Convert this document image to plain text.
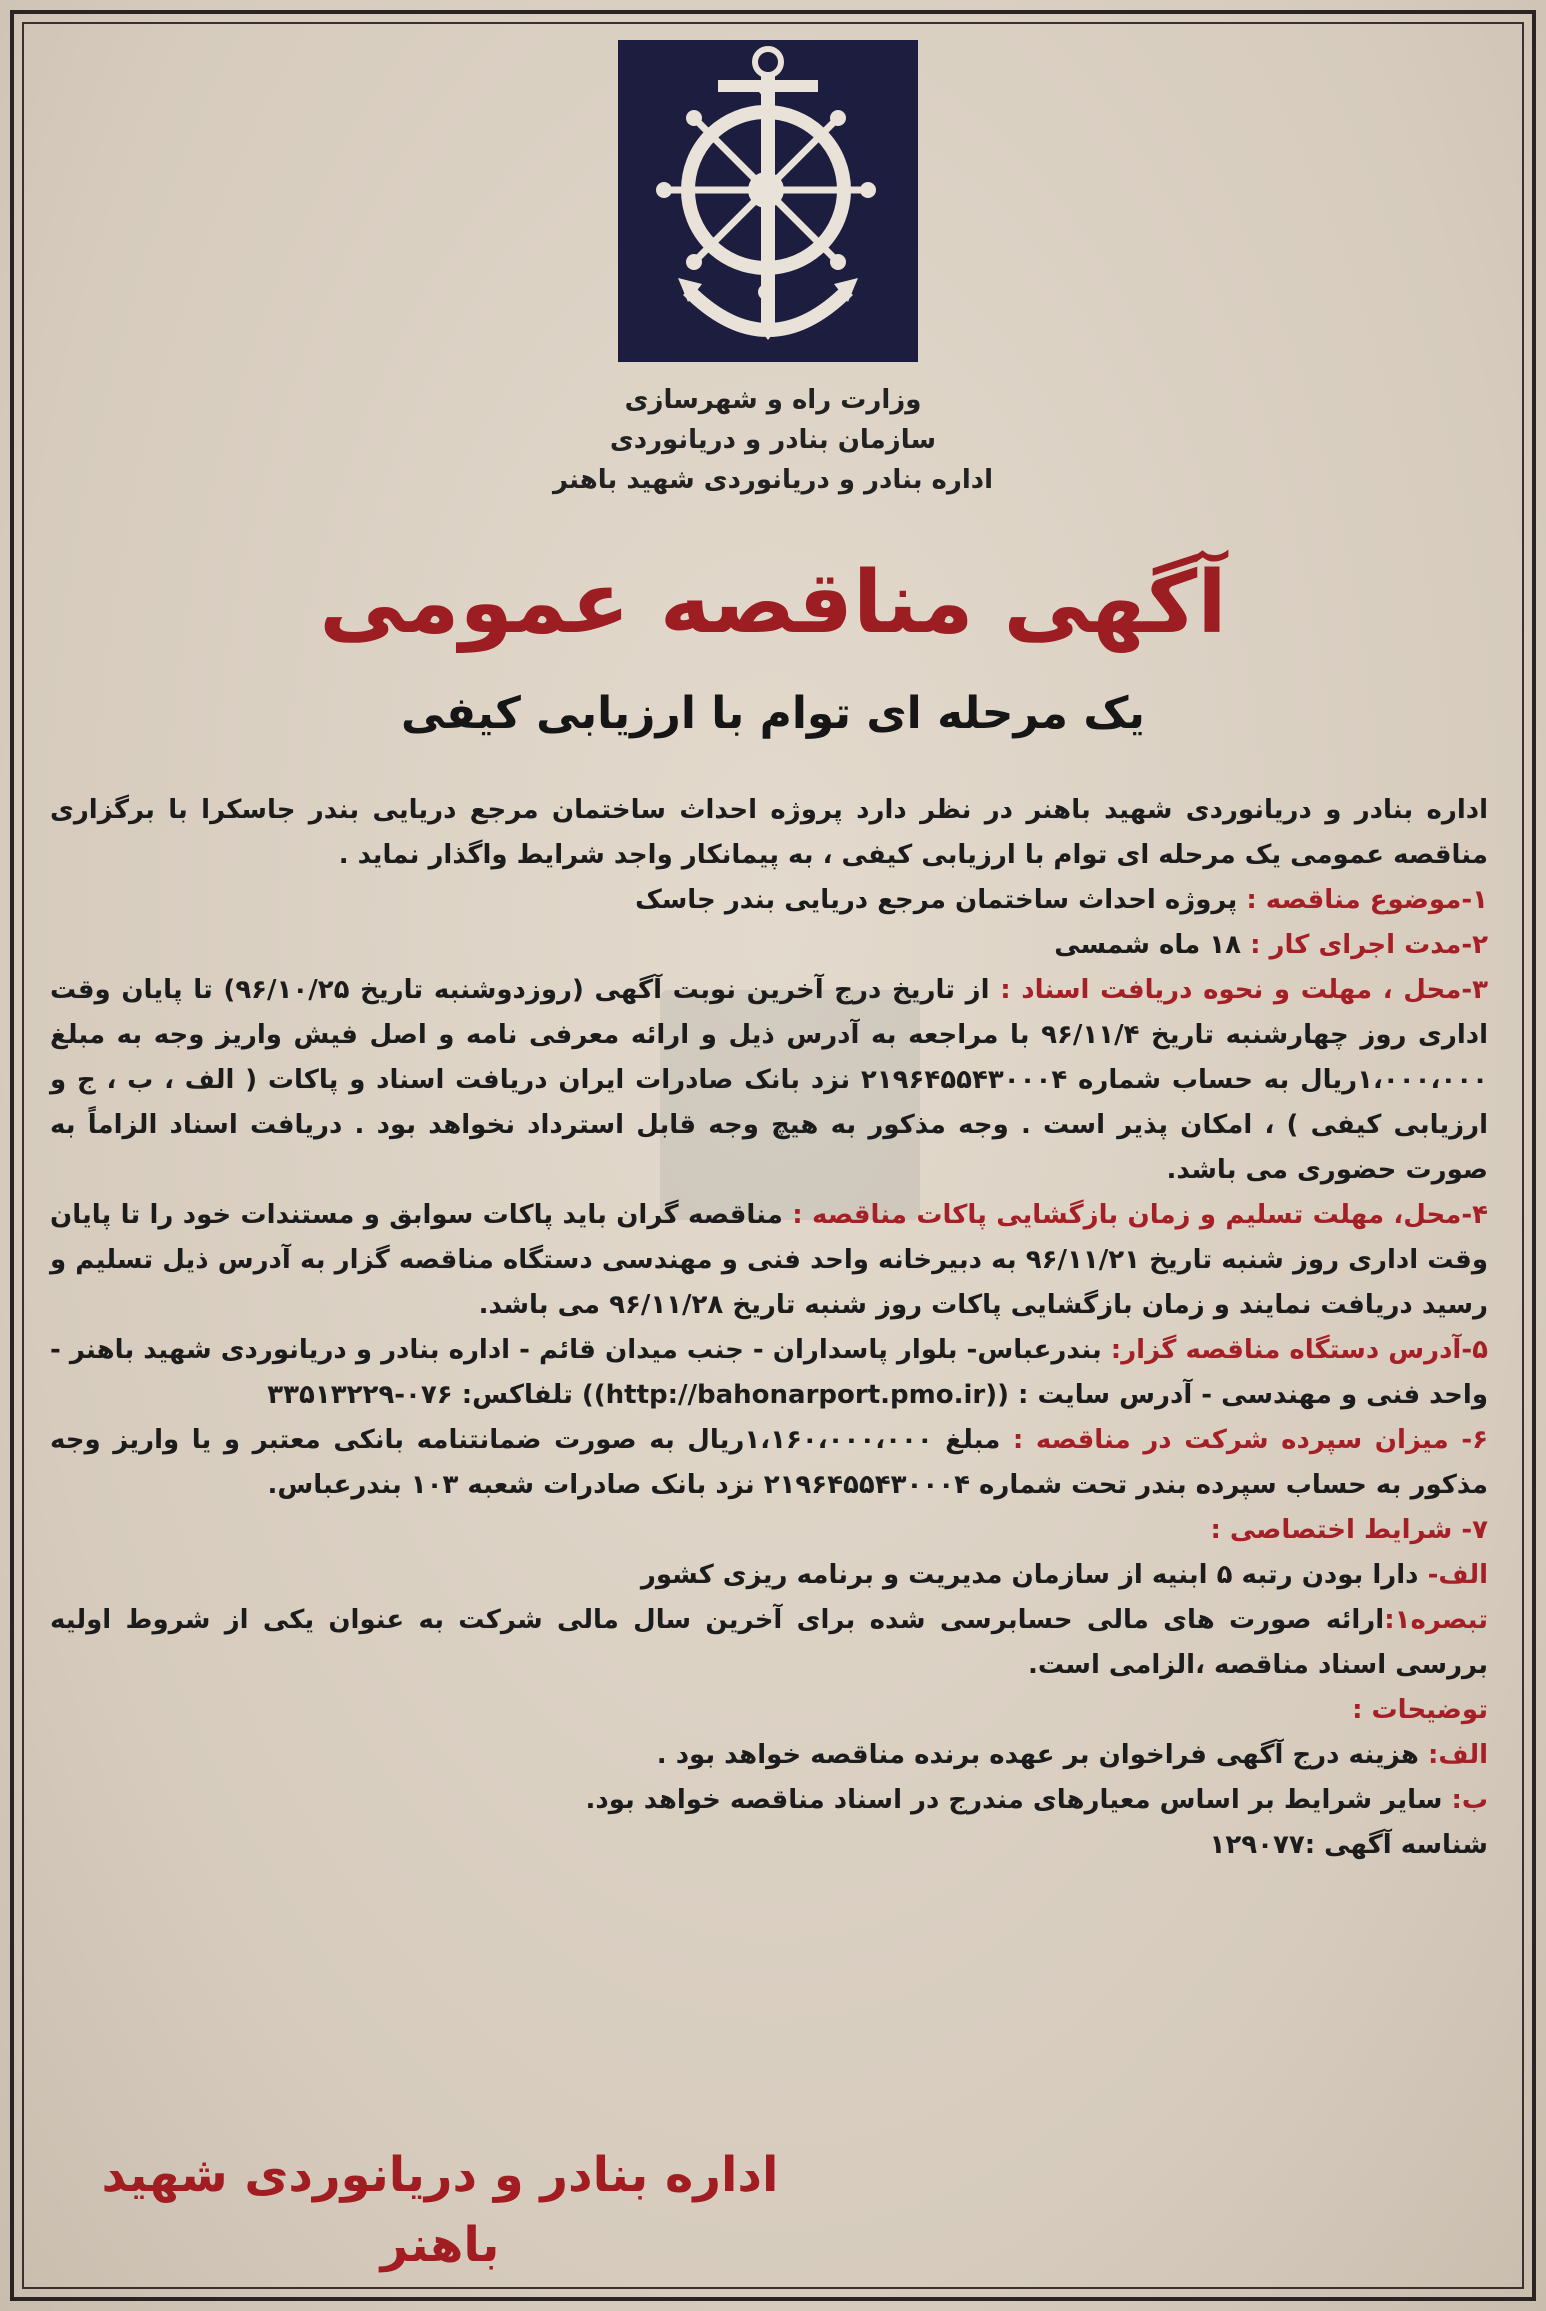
وزارت راه و شهرسازی
سازمان بنادر و دریانوردی
اداره بنادر و دریانوردی شهید باهنر
آگهی مناقصه عمومی
یک مرحله ای توام با ارزیابی کیفی

اداره بنادر و دریانوردی شهید باهنر در نظر دارد پروژه احداث ساختمان مرجع دریایی بندر جاسکرا با برگزاری مناقصه عمومی یک مرحله ای توام با ارزیابی کیفی ، به پیمانکار واجد شرایط واگذار نماید .

۱-موضوع مناقصه : پروژه احداث ساختمان مرجع دریایی بندر جاسک

۲-مدت اجرای کار : ۱۸ ماه شمسی

۳-محل ، مهلت و نحوه دریافت اسناد : از تاریخ درج آخرین نوبت آگهی (روزدوشنبه تاریخ ۹۶/۱۰/۲۵) تا پایان وقت اداری روز چهارشنبه تاریخ ۹۶/۱۱/۴ با مراجعه به آدرس ذیل و ارائه معرفی نامه و اصل فیش واریز وجه به مبلغ ۱،۰۰۰،۰۰۰ریال به حساب شماره ۲۱۹۶۴۵۵۴۳۰۰۰۴ نزد بانک صادرات ایران دریافت اسناد و پاکات ( الف ، ب ، ج و ارزیابی کیفی ) ، امکان پذیر است . وجه مذکور به هیچ وجه قابل استرداد نخواهد بود . دریافت اسناد الزاماً به صورت حضوری می باشد.

۴-محل، مهلت تسلیم و زمان بازگشایی پاکات مناقصه : مناقصه گران باید پاکات سوابق و مستندات خود را تا پایان وقت اداری روز شنبه تاریخ ۹۶/۱۱/۲۱ به دبیرخانه واحد فنی و مهندسی دستگاه مناقصه گزار به آدرس ذیل تسلیم و رسید دریافت نمایند و زمان بازگشایی پاکات روز شنبه تاریخ ۹۶/۱۱/۲۸ می باشد.

۵-آدرس دستگاه مناقصه گزار: بندرعباس- بلوار پاسداران - جنب میدان قائم - اداره بنادر و دریانوردی شهید باهنر - واحد فنی و مهندسی - آدرس سایت : ((http://bahonarport.pmo.ir)) تلفاکس: ۰۷۶-۳۳۵۱۳۲۲۹

۶- میزان سپرده شرکت در مناقصه : مبلغ ۱،۱۶۰،۰۰۰،۰۰۰ریال به صورت ضمانتنامه بانکی معتبر و یا واریز وجه مذکور به حساب سپرده بندر تحت شماره ۲۱۹۶۴۵۵۴۳۰۰۰۴ نزد بانک صادرات شعبه ۱۰۳ بندرعباس.

۷- شرایط اختصاصی :

الف- دارا بودن رتبه ۵ ابنیه از سازمان مدیریت و برنامه ریزی کشور

تبصره۱:ارائه صورت های مالی حسابرسی شده برای آخرین سال مالی شرکت به عنوان یکی از شروط اولیه بررسی اسناد مناقصه ،الزامی است.

توضیحات :

الف: هزینه درج آگهی فراخوان بر عهده برنده مناقصه خواهد بود .

ب: سایر شرایط بر اساس معیارهای مندرج در اسناد مناقصه خواهد بود.

شناسه آگهی :۱۲۹۰۷۷

اداره بنادر و دریانوردی شهید باهنر
